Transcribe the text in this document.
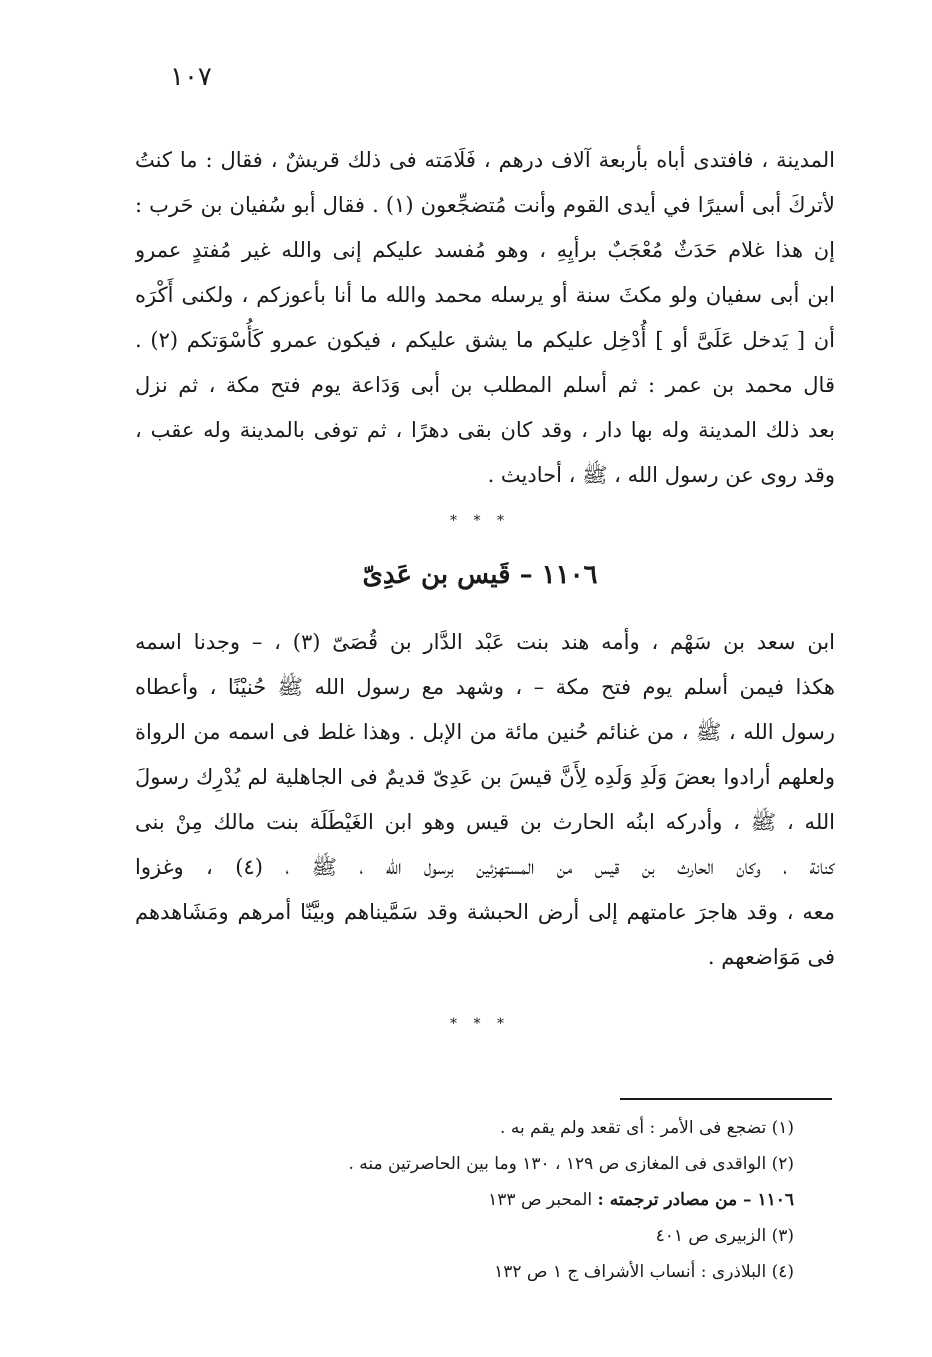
١٠٧
المدينة ، فافتدى أباه بأربعة آلاف درهم ، فَلَامَته فى ذلك قريشٌ ، فقال : ما كنتُ
لأتركَ أبى أسيرًا في أيدى القوم وأنت مُتضجِّعون (١) . فقال أبو سُفيان بن حَرب :
إن هذا غلام حَدَثٌ مُعْجَبٌ برأيِهِ ، وهو مُفسد عليكم إنى والله غير مُفتدٍ عمرو
ابن أبى سفيان ولو مكثَ سنة أو يرسله محمد والله ما أنا بأعوزكم ، ولكنى أَكْرَه
أن [ يَدخل عَلَىَّ أو ] أُدْخِل عليكم ما يشق عليكم ، فيكون عمرو كَأُسْوَتكم (٢) .
قال محمد بن عمر : ثم أسلم المطلب بن أبى وَدَاعة يوم فتح مكة ، ثم نزل
بعد ذلك المدينة وله بها دار ، وقد كان بقى دهرًا ، ثم توفى بالمدينة وله عقب ،
وقد روى عن رسول الله ، ﷺ ، أحاديث .
* * *
١١٠٦ – قَيس بن عَدِىّ
ابن سعد بن سَهْم ، وأمه هند بنت عَبْد الدَّار بن قُصَىّ (٣) ، – وجدنا اسمه
هكذا فيمن أسلم يوم فتح مكة – ، وشهد مع رسول الله ﷺ حُنيْنًا ، وأعطاه
رسول الله ، ﷺ ، من غنائم حُنين مائة من الإبل . وهذا غلط فى اسمه من الرواة
ولعلهم أرادوا بعضَ وَلَدِ وَلَدِه لِأَنَّ قيسَ بن عَدِىّ قديمٌ فى الجاهلية لم يُدْرِك رسولَ
الله ، ﷺ ، وأدركه ابنُه الحارث بن قيس وهو ابن الغَيْطَلَة بنت مالك مِنْ بنى
كنانة ، وكان الحارث بن قيس من المستهزئين برسول الله ، ﷺ ، (٤) ، وغزوا
معه ، وقد هاجرَ عامتهم إلى أرض الحبشة وقد سَمَّيناهم وبيَّنّا أمرهم ومَشَاهدهم
فى مَوَاضعهم .
* * *
(١) تضجع فى الأمر : أى تقعد ولم يقم به .
(٢) الواقدى فى المغازى ص ١٢٩ ، ١٣٠ وما بين الحاصرتين منه .
١١٠٦ – من مصادر ترجمته : المحبر ص ١٣٣
(٣) الزبيرى ص ٤٠١
(٤) البلاذرى : أنساب الأشراف ج ١ ص ١٣٢
